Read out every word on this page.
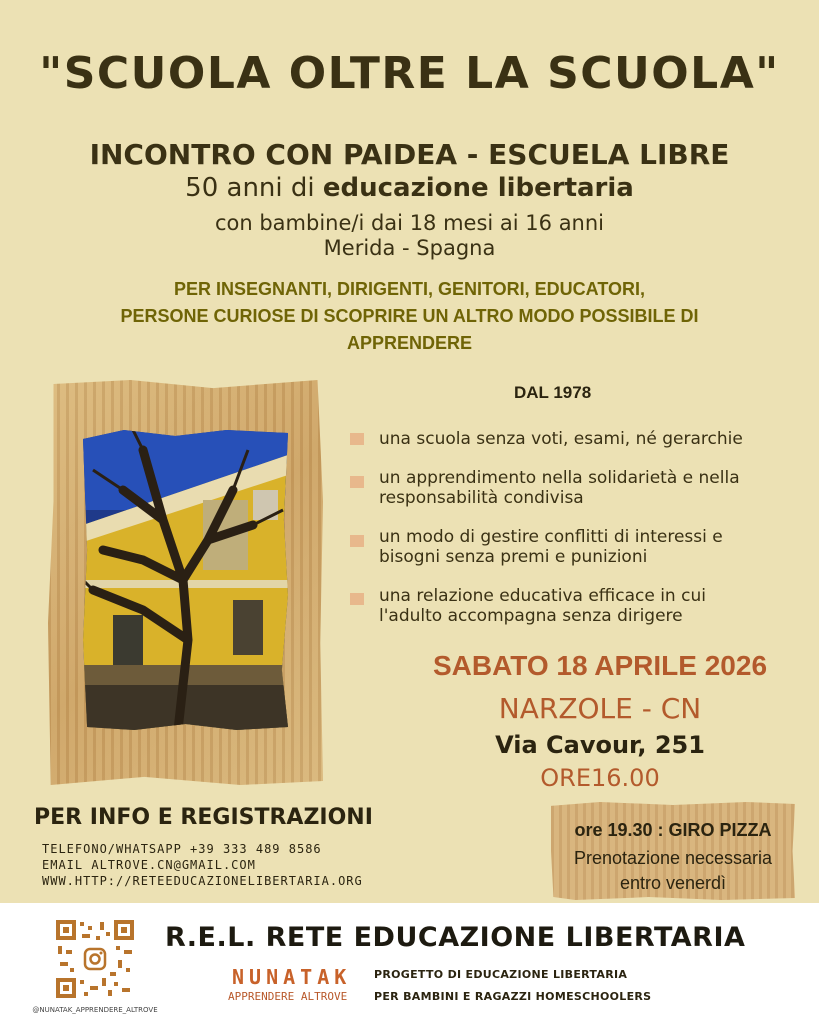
"SCUOLA OLTRE LA SCUOLA"
INCONTRO CON PAIDEA - ESCUELA LIBRE
50 anni di educazione libertaria
con bambine/i dai 18 mesi ai 16 anni
Merida - Spagna
PER INSEGNANTI, DIRIGENTI, GENITORI, EDUCATORI,
PERSONE CURIOSE DI SCOPRIRE UN ALTRO MODO POSSIBILE DI
APPRENDERE
DAL 1978
una scuola senza voti, esami, né gerarchie
un apprendimento nella solidarietà e nella responsabilità condivisa
un modo di gestire conflitti di interessi e bisogni senza premi e punizioni
una relazione educativa efficace in cui l'adulto accompagna senza dirigere
SABATO 18 APRILE 2026
NARZOLE - CN
Via Cavour, 251
ORE16.00
PER INFO E REGISTRAZIONI
TELEFONO/WHATSAPP +39 333 489 8586
EMAIL ALTROVE.CN@GMAIL.COM
WWW.HTTP://RETEEDUCAZIONELIBERTARIA.ORG
ore 19.30 : GIRO PIZZA
Prenotazione necessaria
entro venerdì
@NUNATAK_APPRENDERE_ALTROVE
R.E.L. RETE EDUCAZIONE LIBERTARIA
NUNATAK
APPRENDERE ALTROVE
PROGETTO DI EDUCAZIONE LIBERTARIA
PER BAMBINI E RAGAZZI HOMESCHOOLERS
